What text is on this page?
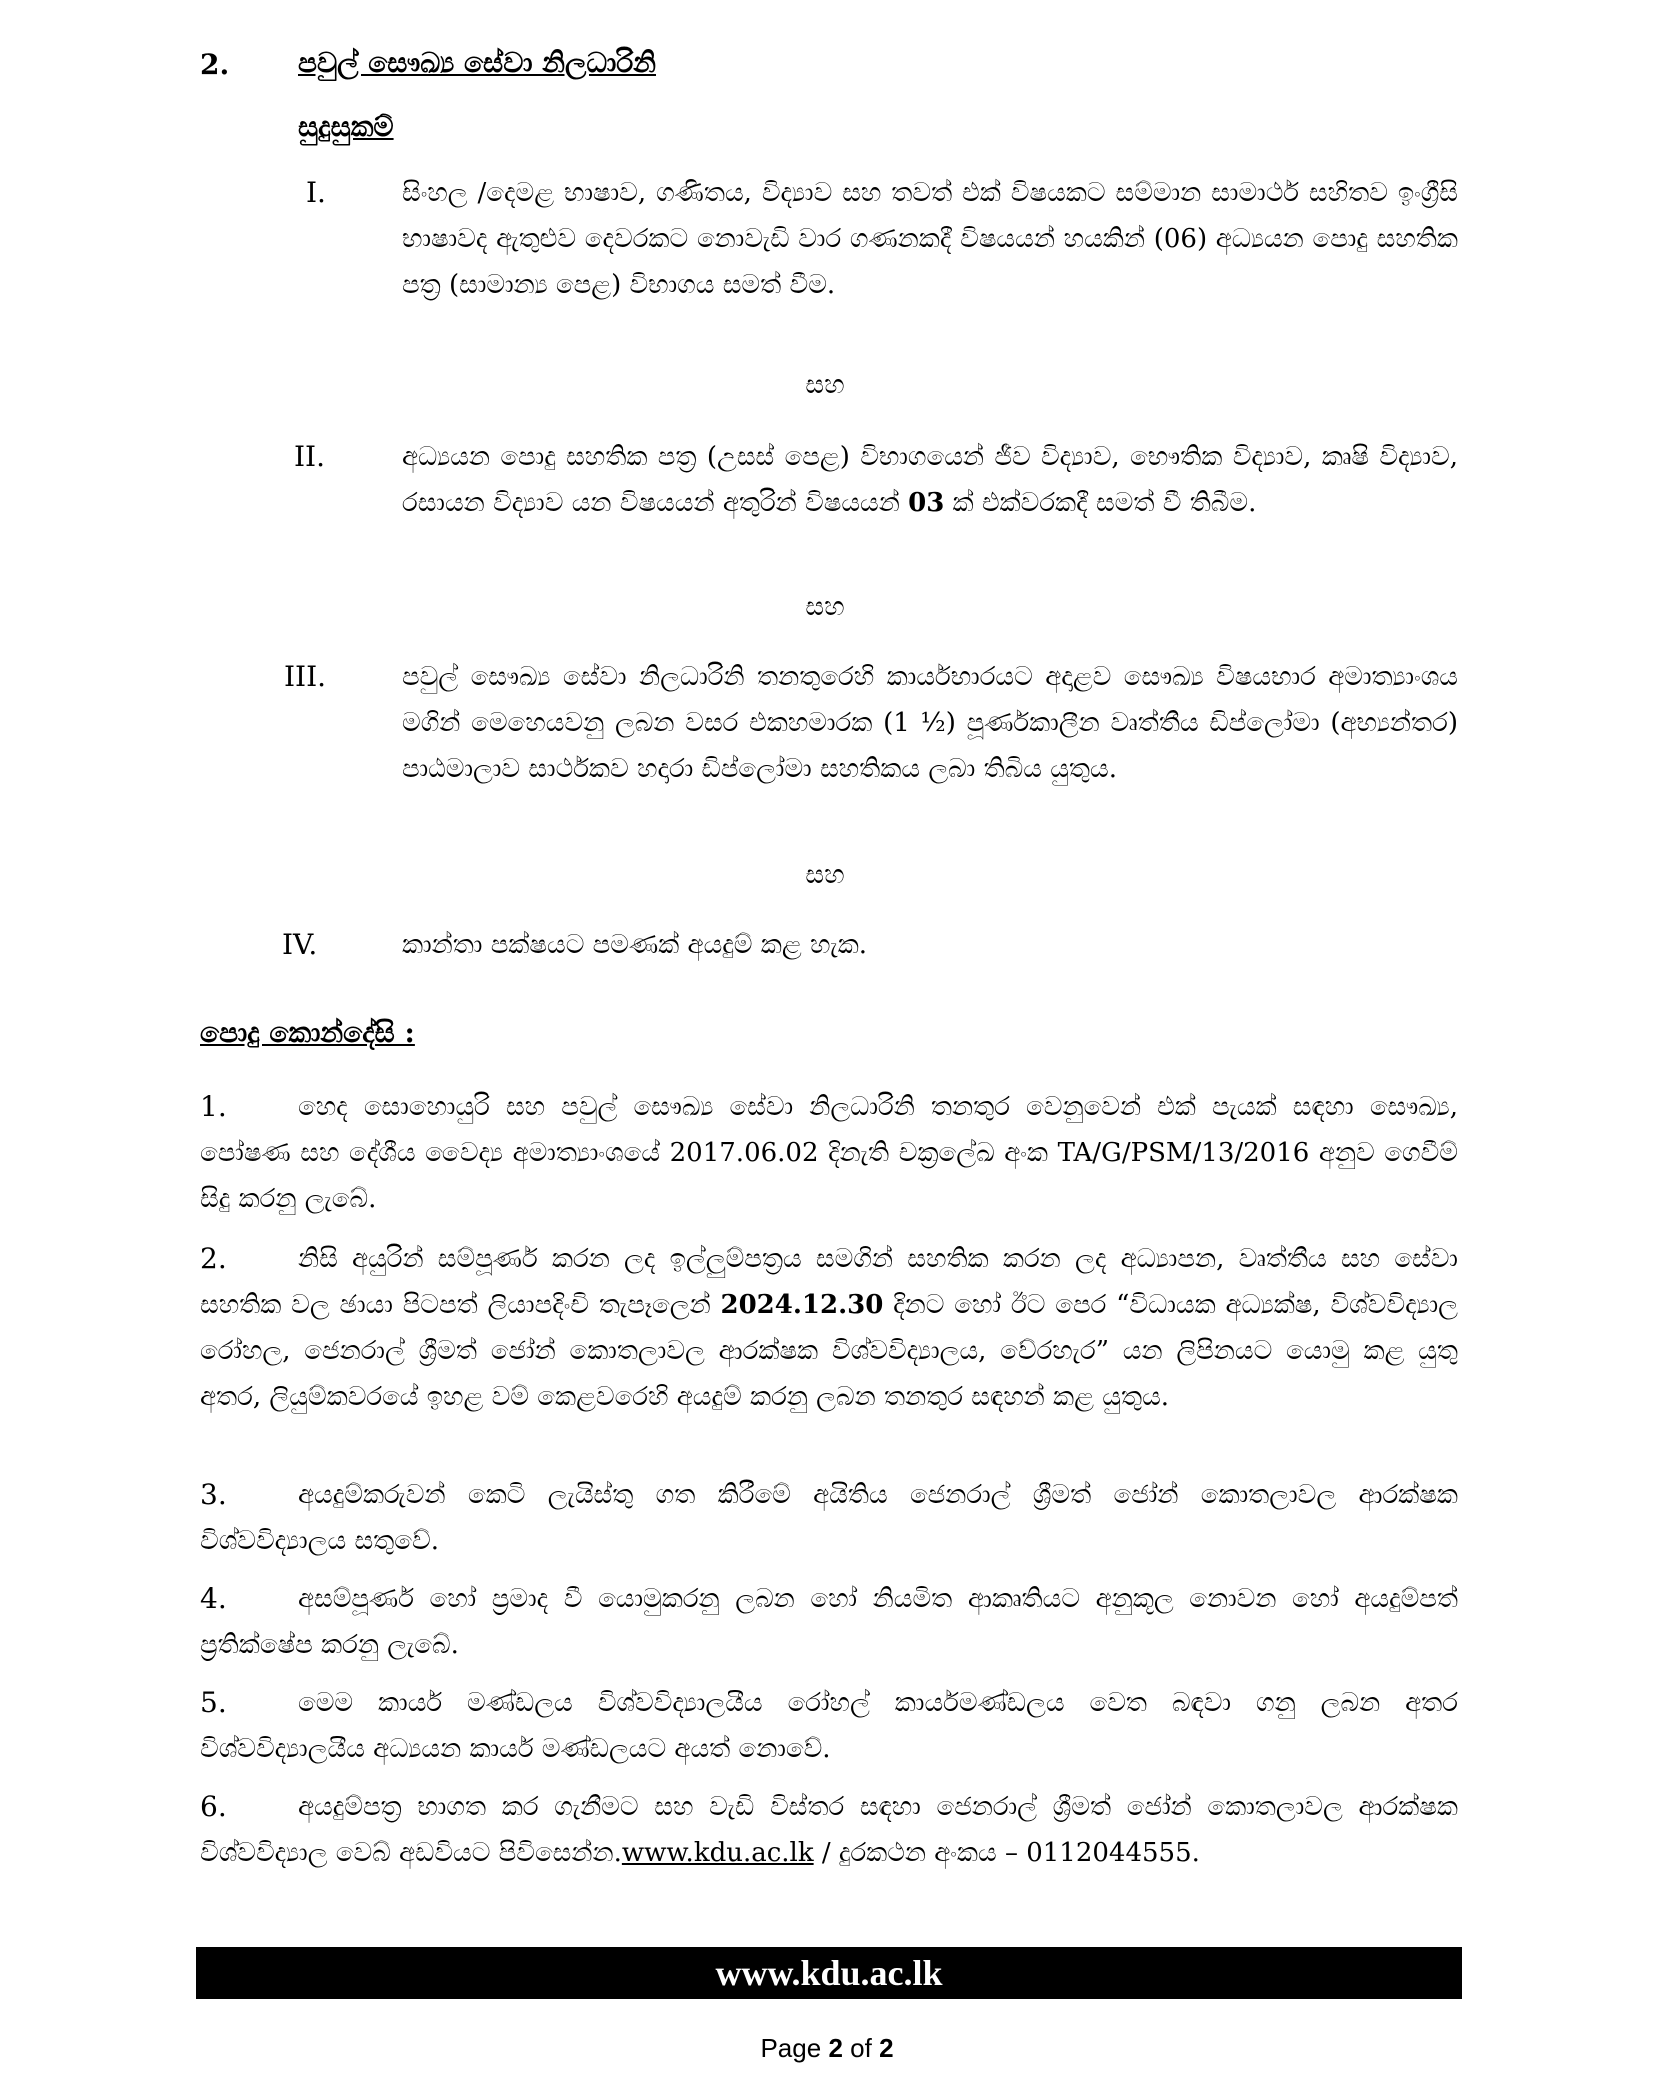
2. පවුල් සෞඛ්‍ය සේවා නිලධාරිනි
සුදුසුකම්
I.	සිංහල /දෙමළ භාෂාව, ගණිතය, විද්‍යාව සහ තවත් එක් විෂයකට සම්මාන සාමාර්ථ සහිතව ඉංග්‍රීසි භාෂාවද ඇතුළුව දෙවරකට නොවැඩි වාර ගණනකදී විෂයයන් හයකින් (06) අධ්‍යයන පොදු සහතික පත්‍ර (සාමාන්‍ය පෙළ) විභාගය සමත් වීම.
සහ
II.	අධ්‍යයන පොදු සහතික පත්‍ර (උසස් පෙළ) විභාගයෙන් ජීව විද්‍යාව, භෞතික විද්‍යාව, කෘෂි විද්‍යාව, රසායන විද්‍යාව යන විෂයයන් අතුරින් විෂයයන් 03 ක් එක්වරකදී සමත් වී තිබීම.
සහ
III.	පවුල් සෞඛ්‍ය සේවා නිලධාරිනි තනතුරෙහි කාර්යභාරයට අදාළව සෞඛ්‍ය විෂයභාර අමාත්‍යාංශය මගින් මෙහෙයවනු ලබන වසර එකහමාරක (1 ½) පූර්ණකාලීන වෘත්තීය ඩිප්ලෝමා (අභ්‍යන්තර) පාඨමාලාව සාර්ථකව හදාරා ඩිප්ලෝමා සහතිකය ලබා තිබිය යුතුය.
සහ
IV.	කාන්තා පක්ෂයට පමණක් අයදුම් කළ හැක.
පොදු කොන්දේසි :
1.	හෙද සොහොයුරි සහ පවුල් සෞඛ්‍ය සේවා නිලධාරිනි තනතුර වෙනුවෙන් එක් පැයක් සඳහා සෞඛ්‍ය, පෝෂණ සහ දේශීය වෛද්‍ය අමාත්‍යාංශයේ 2017.06.02 දිනැති චක්‍රලේඛ අංක TA/G/PSM/13/2016 අනුව ගෙවීම් සිදු කරනු ලැබේ.
2.	නිසි අයුරින් සම්පූර්ණ කරන ලද ඉල්ලුම්පත්‍රය සමගින් සහතික කරන ලද අධ්‍යාපන, වෘත්තීය සහ සේවා සහතික වල ඡායා පිටපත් ලියාපදිංචි තැපෑලෙන් 2024.12.30 දිනට හෝ ඊට පෙර “විධායක අධ්‍යක්ෂ, විශ්වවිද්‍යාල රෝහල, ජෙනරාල් ශ්‍රීමත් ජෝන් කොතලාවල ආරක්ෂක විශ්වවිද්‍යාලය, වේරහැර” යන ලිපිනයට යොමු කළ යුතු අතර, ලියුම්කවරයේ ඉහළ වම් කෙළවරෙහි අයදුම් කරනු ලබන තනතුර සඳහන් කළ යුතුය.
3.	අයදුම්කරුවන් කෙටි ලැයිස්තු ගත කිරීමේ අයිතිය ජෙනරාල් ශ්‍රීමත් ජෝන් කොතලාවල ආරක්ෂක විශ්වවිද්‍යාලය සතුවේ.
4.	අසම්පූර්ණ හෝ ප්‍රමාද වී යොමුකරනු ලබන හෝ නියමිත ආකෘතියට අනුකූල නොවන හෝ අයදුම්පත් ප්‍රතික්ෂේප කරනු ලැබේ.
5.	මෙම කාර්ය මණ්ඩලය විශ්වවිද්‍යාලයීය රෝහල් කාර්යමණ්ඩලය වෙත බඳවා ගනු ලබන අතර විශ්වවිද්‍යාලයීය අධ්‍යයන කාර්ය මණ්ඩලයට අයත් නොවේ.
6.	අයදුම්පත්‍ර භාගත කර ගැනීමට සහ වැඩි විස්තර සඳහා ජෙනරාල් ශ්‍රීමත් ජෝන් කොතලාවල ආරක්ෂක විශ්වවිද්‍යාල වෙබ් අඩවියට පිවිසෙන්න.www.kdu.ac.lk / දුරකථන අංකය – 0112044555.
www.kdu.ac.lk
Page 2 of 2
